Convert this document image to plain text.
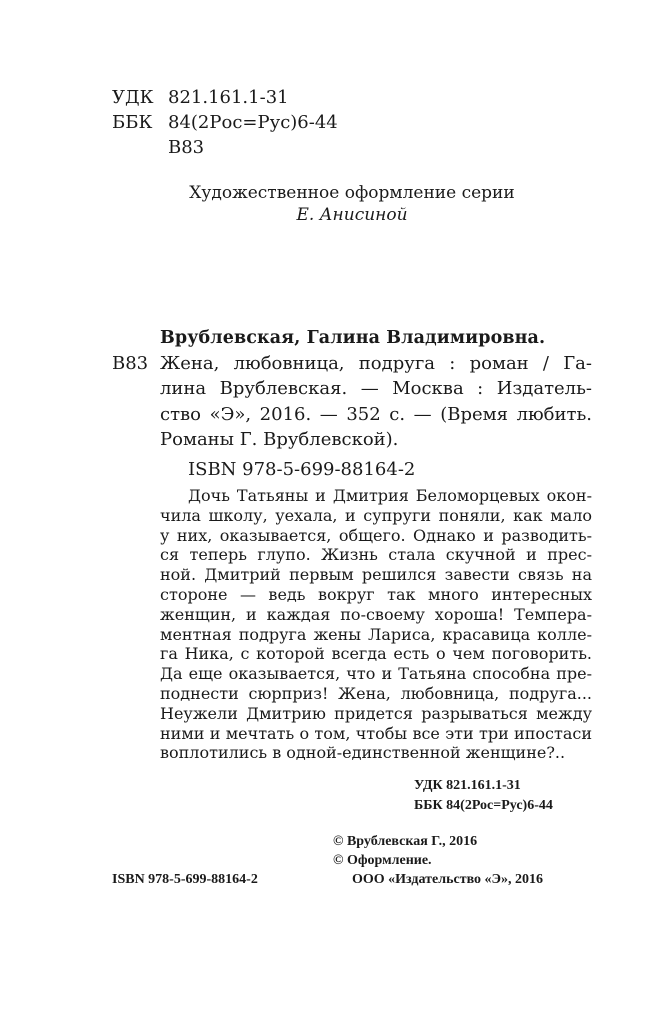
УДК 821.161.1-31
ББК 84(2Рос=Рус)6-44
В83
Художественное оформление серии
Е. Анисиной
Врублевская, Галина Владимировна.
В83 Жена, любовница, подруга : роман / Га-
лина Врублевская. — Москва : Издатель-
ство «Э», 2016. — 352 с. — (Время любить.
Романы Г. Врублевской).
ISBN 978-5-699-88164-2
Дочь Татьяны и Дмитрия Беломорцевых окон-
чила школу, уехала, и супруги поняли, как мало
у них, оказывается, общего. Однако и разводить-
ся теперь глупо. Жизнь стала скучной и прес-
ной. Дмитрий первым решился завести связь на
стороне — ведь вокруг так много интересных
женщин, и каждая по-своему хороша! Темпера-
ментная подруга жены Лариса, красавица колле-
га Ника, с которой всегда есть о чем поговорить.
Да еще оказывается, что и Татьяна способна пре-
поднести сюрприз! Жена, любовница, подруга...
Неужели Дмитрию придется разрываться между
ними и мечтать о том, чтобы все эти три ипостаси
воплотились в одной-единственной женщине?..
УДК 821.161.1-31
ББК 84(2Рос=Рус)6-44
© Врублевская Г., 2016
© Оформление.
ООО «Издательство «Э», 2016
ISBN 978-5-699-88164-2
